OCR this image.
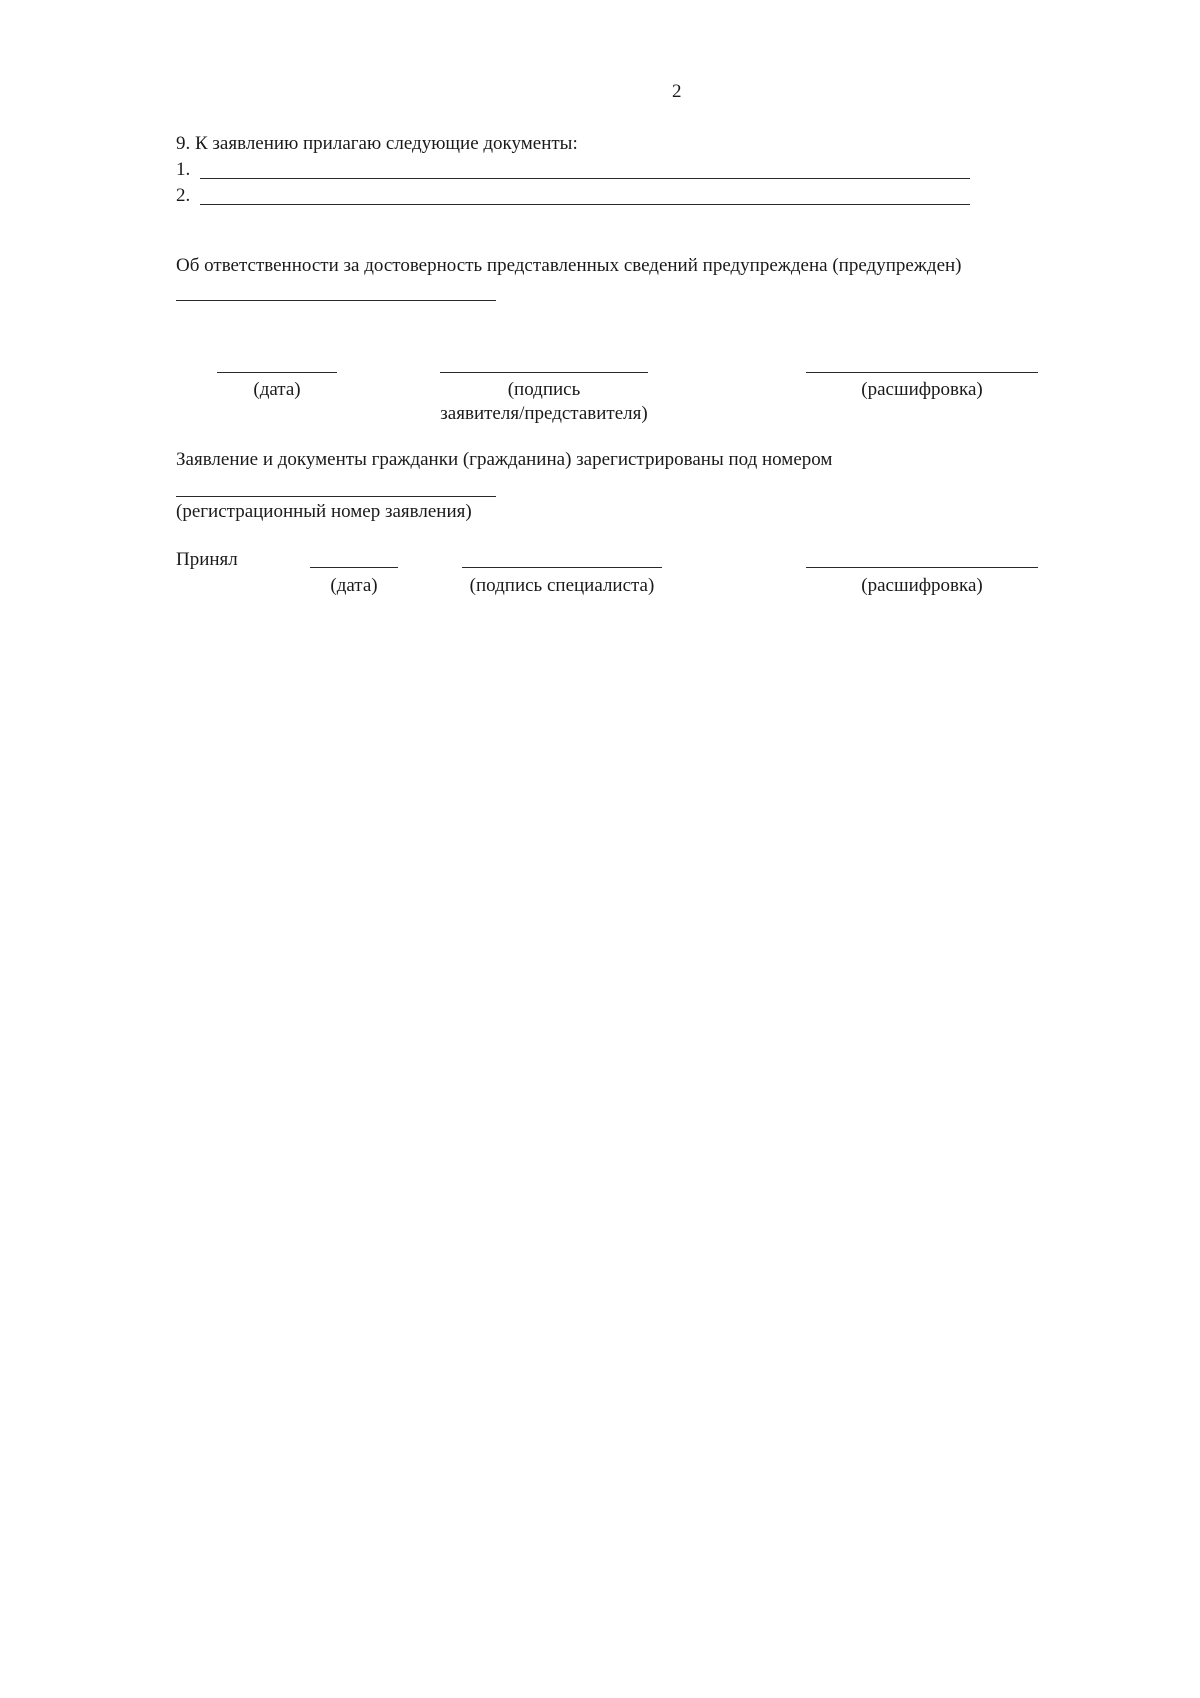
2
9. К заявлению прилагаю следующие документы:
1.
2.
Об ответственности за достоверность представленных сведений предупреждена (предупрежден)
(дата)	(подпись
заявителя/представителя)
(расшифровка)
Заявление и документы гражданки (гражданина) зарегистрированы под номером
(регистрационный номер заявления)
Принял
(дата)	(подпись специалиста)	(расшифровка)
